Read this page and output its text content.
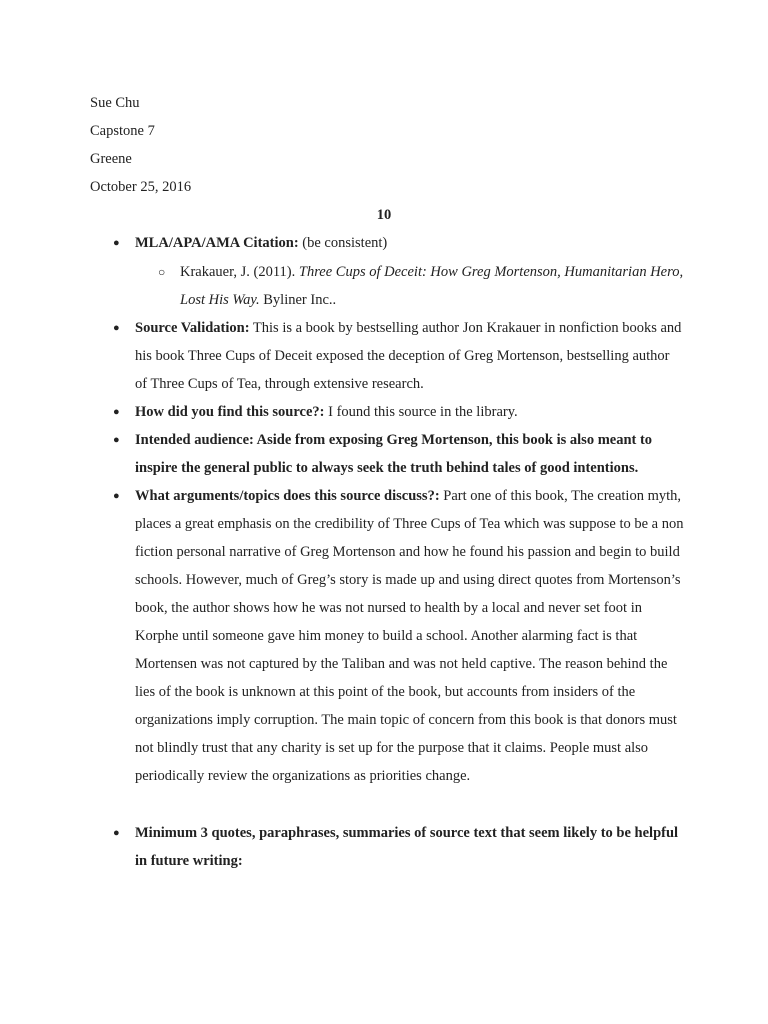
Sue Chu
Capstone 7
Greene
October 25, 2016
10
● MLA/APA/AMA Citation: (be consistent)
○ Krakauer, J. (2011). Three Cups of Deceit: How Greg Mortenson, Humanitarian Hero, Lost His Way. Byliner Inc..
● Source Validation: This is a book by bestselling author Jon Krakauer in nonfiction books and his book Three Cups of Deceit exposed the deception of Greg Mortenson, bestselling author of Three Cups of Tea, through extensive research.
● How did you find this source?: I found this source in the library.
● Intended audience: Aside from exposing Greg Mortenson, this book is also meant to inspire the general public to always seek the truth behind tales of good intentions.
● What arguments/topics does this source discuss?: Part one of this book, The creation myth, places a great emphasis on the credibility of Three Cups of Tea which was suppose to be a non fiction personal narrative of Greg Mortenson and how he found his passion and begin to build schools. However, much of Greg’s story is made up and using direct quotes from Mortenson’s book, the author shows how he was not nursed to health by a local and never set foot in Korphe until someone gave him money to build a school. Another alarming fact is that Mortensen was not captured by the Taliban and was not held captive. The reason behind the lies of the book is unknown at this point of the book, but accounts from insiders of the organizations imply corruption. The main topic of concern from this book is that donors must not blindly trust that any charity is set up for the purpose that it claims. People must also periodically review the organizations as priorities change.
● Minimum 3 quotes, paraphrases, summaries of source text that seem likely to be helpful in future writing:
